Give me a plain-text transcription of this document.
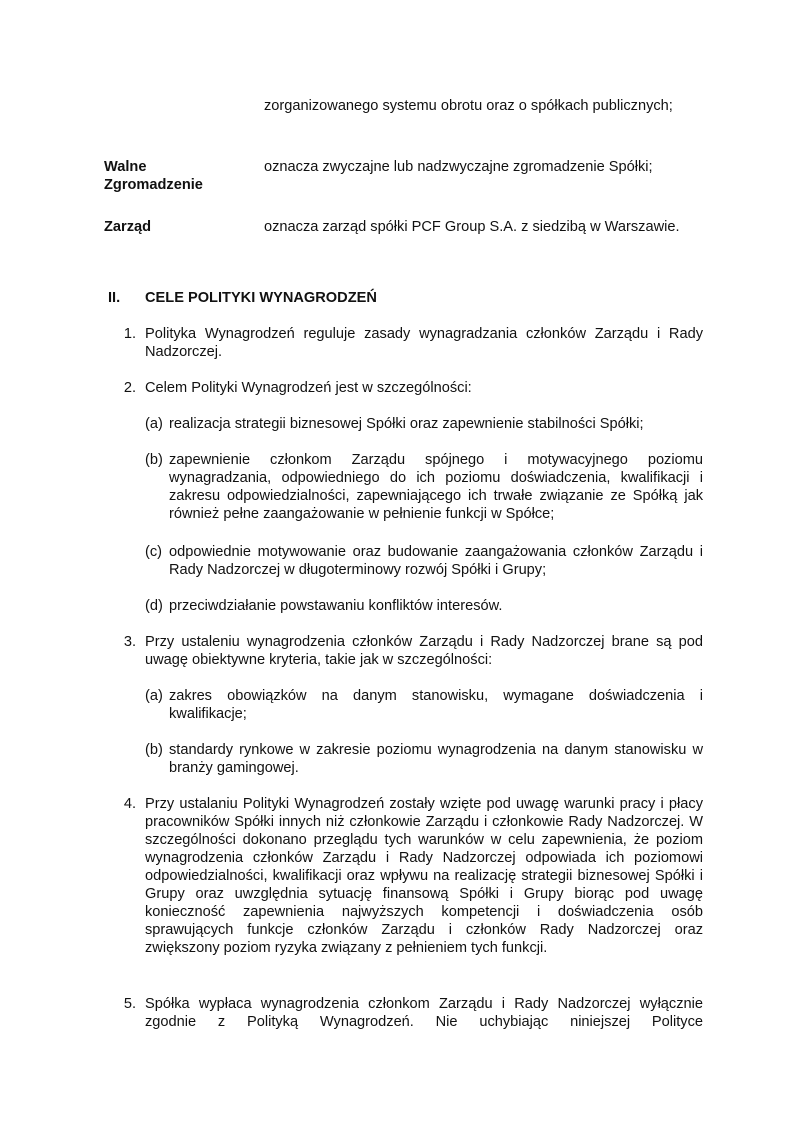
zorganizowanego systemu obrotu oraz o spółkach publicznych;

Walne Zgromadzenie

oznacza zwyczajne lub nadzwyczajne zgromadzenie Spółki;

Zarząd	oznacza zarząd spółki PCF Group S.A. z siedzibą w Warszawie.

II. CELE POLITYKI WYNAGRODZEŃ

1. Polityka Wynagrodzeń reguluje zasady wynagradzania członków Zarządu i Rady Nadzorczej.

2. Celem Polityki Wynagrodzeń jest w szczególności:

(a) realizacja strategii biznesowej Spółki oraz zapewnienie stabilności Spółki;

(b) zapewnienie członkom Zarządu spójnego i motywacyjnego poziomu wynagradzania, odpowiedniego do ich poziomu doświadczenia, kwalifikacji i zakresu odpowiedzialności, zapewniającego ich trwałe związanie ze Spółką jak również pełne zaangażowanie w pełnienie funkcji w Spółce;

(c) odpowiednie motywowanie oraz budowanie zaangażowania członków Zarządu i Rady Nadzorczej w długoterminowy rozwój Spółki i Grupy;

(d) przeciwdziałanie powstawaniu konfliktów interesów.

3. Przy ustaleniu wynagrodzenia członków Zarządu i Rady Nadzorczej brane są pod uwagę obiektywne kryteria, takie jak w szczególności:

(a) zakres obowiązków na danym stanowisku, wymagane doświadczenia i kwalifikacje;

(b) standardy rynkowe w zakresie poziomu wynagrodzenia na danym stanowisku w branży gamingowej.

4. Przy ustalaniu Polityki Wynagrodzeń zostały wzięte pod uwagę warunki pracy i płacy pracowników Spółki innych niż członkowie Zarządu i członkowie Rady Nadzorczej. W szczególności dokonano przeglądu tych warunków w celu zapewnienia, że poziom wynagrodzenia członków Zarządu i Rady Nadzorczej odpowiada ich poziomowi odpowiedzialności, kwalifikacji oraz wpływu na realizację strategii biznesowej Spółki i Grupy oraz uwzględnia sytuację finansową Spółki i Grupy biorąc pod uwagę konieczność zapewnienia najwyższych kompetencji i doświadczenia osób sprawujących funkcje członków Zarządu i członków Rady Nadzorczej oraz zwiększony poziom ryzyka związany z pełnieniem tych funkcji.

5. Spółka wypłaca wynagrodzenia członkom Zarządu i Rady Nadzorczej wyłącznie zgodnie z Polityką Wynagrodzeń. Nie uchybiając niniejszej Polityce
